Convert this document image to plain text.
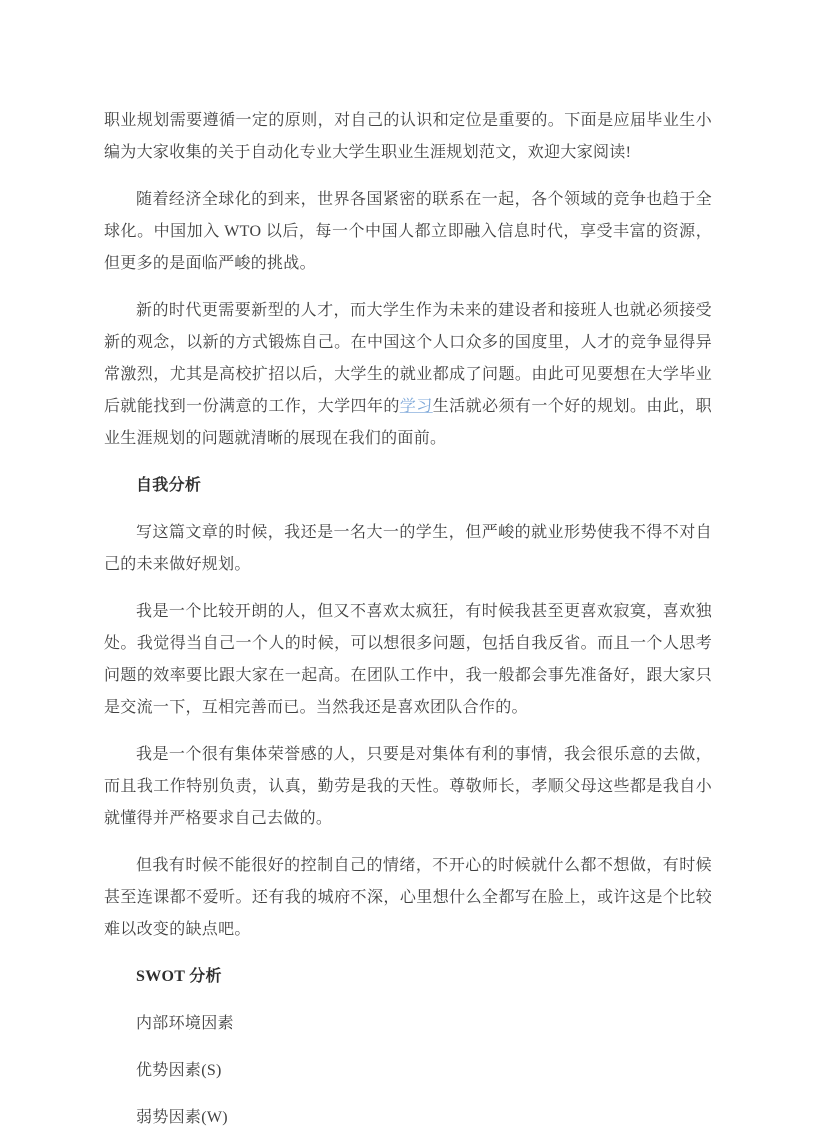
职业规划需要遵循一定的原则，对自己的认识和定位是重要的。下面是应届毕业生小编为大家收集的关于自动化专业大学生职业生涯规划范文，欢迎大家阅读!

随着经济全球化的到来，世界各国紧密的联系在一起，各个领域的竞争也趋于全球化。中国加入 WTO 以后，每一个中国人都立即融入信息时代，享受丰富的资源，但更多的是面临严峻的挑战。

新的时代更需要新型的人才，而大学生作为未来的建设者和接班人也就必须接受新的观念，以新的方式锻炼自己。在中国这个人口众多的国度里，人才的竞争显得异常激烈，尤其是高校扩招以后，大学生的就业都成了问题。由此可见要想在大学毕业后就能找到一份满意的工作，大学四年的学习生活就必须有一个好的规划。由此，职业生涯规划的问题就清晰的展现在我们的面前。

自我分析

写这篇文章的时候，我还是一名大一的学生，但严峻的就业形势使我不得不对自己的未来做好规划。

我是一个比较开朗的人，但又不喜欢太疯狂，有时候我甚至更喜欢寂寞，喜欢独处。我觉得当自己一个人的时候，可以想很多问题，包括自我反省。而且一个人思考问题的效率要比跟大家在一起高。在团队工作中，我一般都会事先准备好，跟大家只是交流一下，互相完善而已。当然我还是喜欢团队合作的。

我是一个很有集体荣誉感的人，只要是对集体有利的事情，我会很乐意的去做，而且我工作特别负责，认真，勤劳是我的天性。尊敬师长，孝顺父母这些都是我自小就懂得并严格要求自己去做的。

但我有时候不能很好的控制自己的情绪，不开心的时候就什么都不想做，有时候甚至连课都不爱听。还有我的城府不深，心里想什么全都写在脸上，或许这是个比较难以改变的缺点吧。

SWOT 分析

内部环境因素

优势因素(S)

弱势因素(W)
